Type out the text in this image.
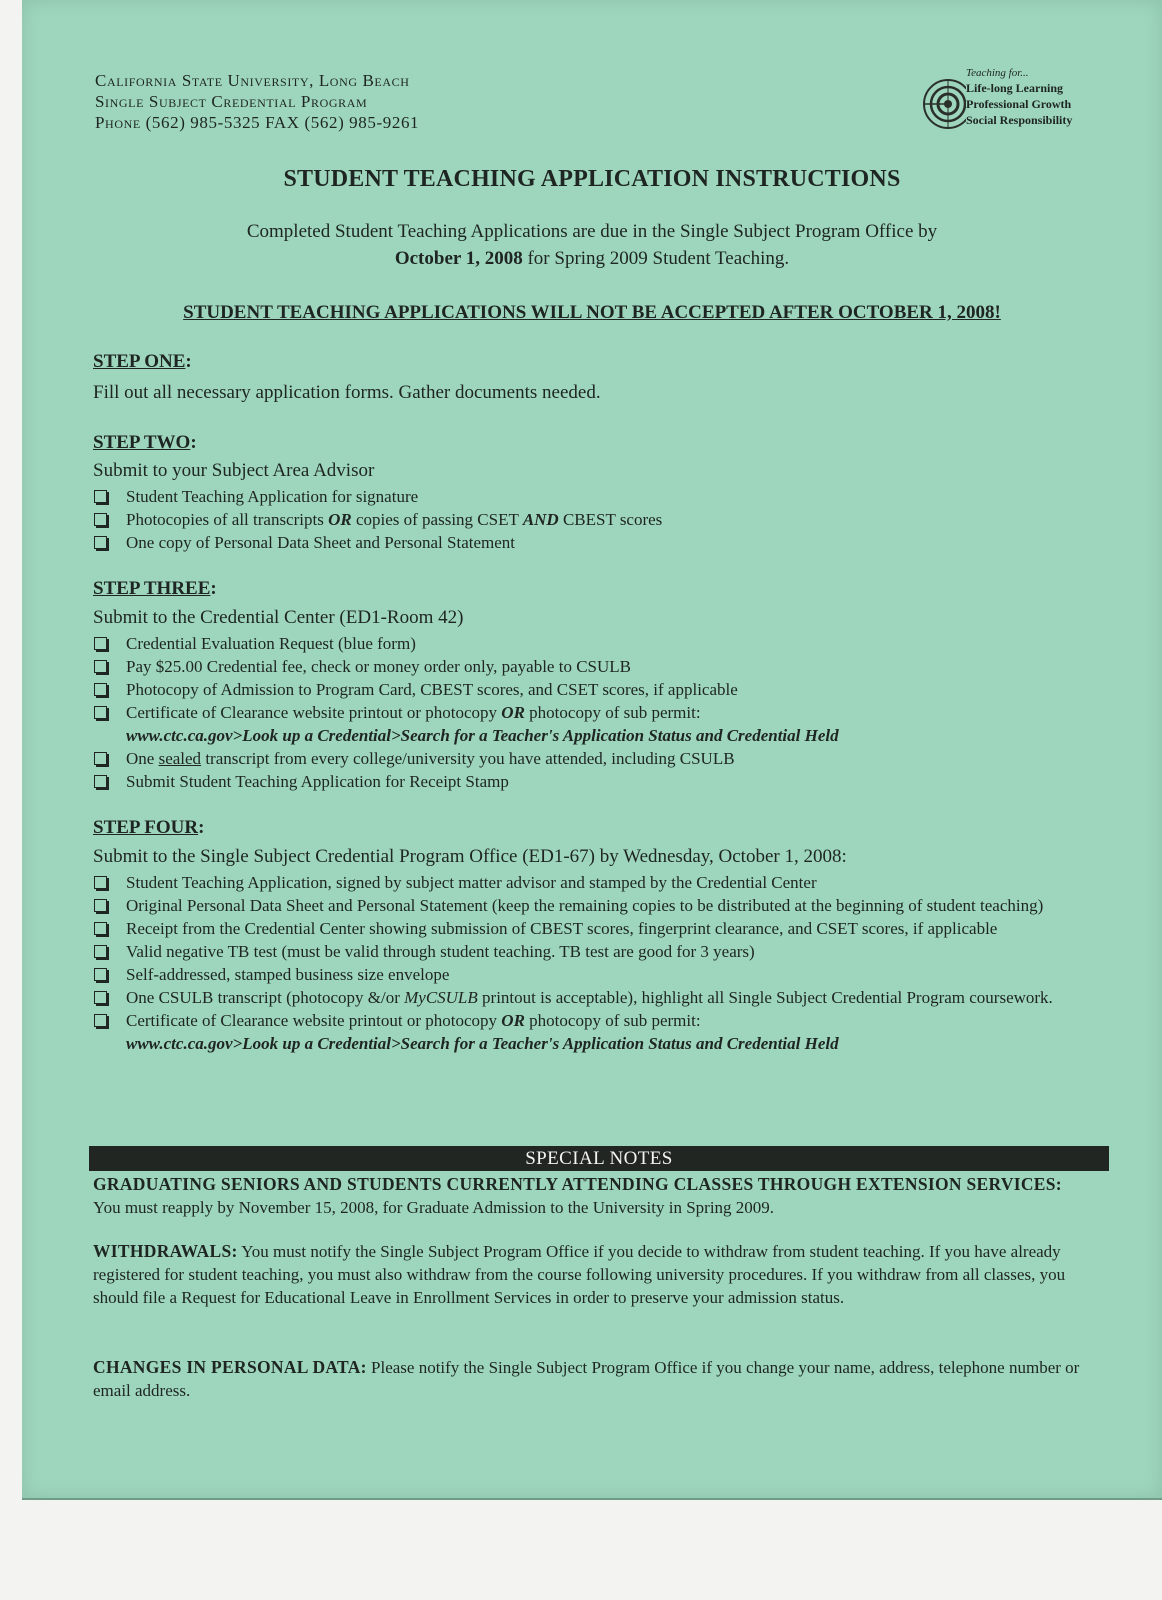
California State University, Long Beach
Single Subject Credential Program
Phone (562) 985-5325 FAX (562) 985-9261
Teaching for...
Life-long Learning
Professional Growth
Social Responsibility
STUDENT TEACHING APPLICATION INSTRUCTIONS
Completed Student Teaching Applications are due in the Single Subject Program Office by
October 1, 2008 for Spring 2009 Student Teaching.
STUDENT TEACHING APPLICATIONS WILL NOT BE ACCEPTED AFTER OCTOBER 1, 2008!
STEP ONE:
Fill out all necessary application forms. Gather documents needed.
STEP TWO:
Submit to your Subject Area Advisor
Student Teaching Application for signature
Photocopies of all transcripts OR copies of passing CSET AND CBEST scores
One copy of Personal Data Sheet and Personal Statement
STEP THREE:
Submit to the Credential Center (ED1-Room 42)
Credential Evaluation Request (blue form)
Pay $25.00 Credential fee, check or money order only, payable to CSULB
Photocopy of Admission to Program Card, CBEST scores, and CSET scores, if applicable
Certificate of Clearance website printout or photocopy OR photocopy of sub permit:
www.ctc.ca.gov>Look up a Credential>Search for a Teacher's Application Status and Credential Held
One sealed transcript from every college/university you have attended, including CSULB
Submit Student Teaching Application for Receipt Stamp
STEP FOUR:
Submit to the Single Subject Credential Program Office (ED1-67) by Wednesday, October 1, 2008:
Student Teaching Application, signed by subject matter advisor and stamped by the Credential Center
Original Personal Data Sheet and Personal Statement (keep the remaining copies to be distributed at the beginning of student teaching)
Receipt from the Credential Center showing submission of CBEST scores, fingerprint clearance, and CSET scores, if applicable
Valid negative TB test (must be valid through student teaching. TB test are good for 3 years)
Self-addressed, stamped business size envelope
One CSULB transcript (photocopy &/or MyCSULB printout is acceptable), highlight all Single Subject Credential Program coursework.
Certificate of Clearance website printout or photocopy OR photocopy of sub permit:
www.ctc.ca.gov>Look up a Credential>Search for a Teacher's Application Status and Credential Held
SPECIAL NOTES
GRADUATING SENIORS AND STUDENTS CURRENTLY ATTENDING CLASSES THROUGH EXTENSION SERVICES: You must reapply by November 15, 2008, for Graduate Admission to the University in Spring 2009.
WITHDRAWALS: You must notify the Single Subject Program Office if you decide to withdraw from student teaching. If you have already registered for student teaching, you must also withdraw from the course following university procedures. If you withdraw from all classes, you should file a Request for Educational Leave in Enrollment Services in order to preserve your admission status.
CHANGES IN PERSONAL DATA: Please notify the Single Subject Program Office if you change your name, address, telephone number or email address.
